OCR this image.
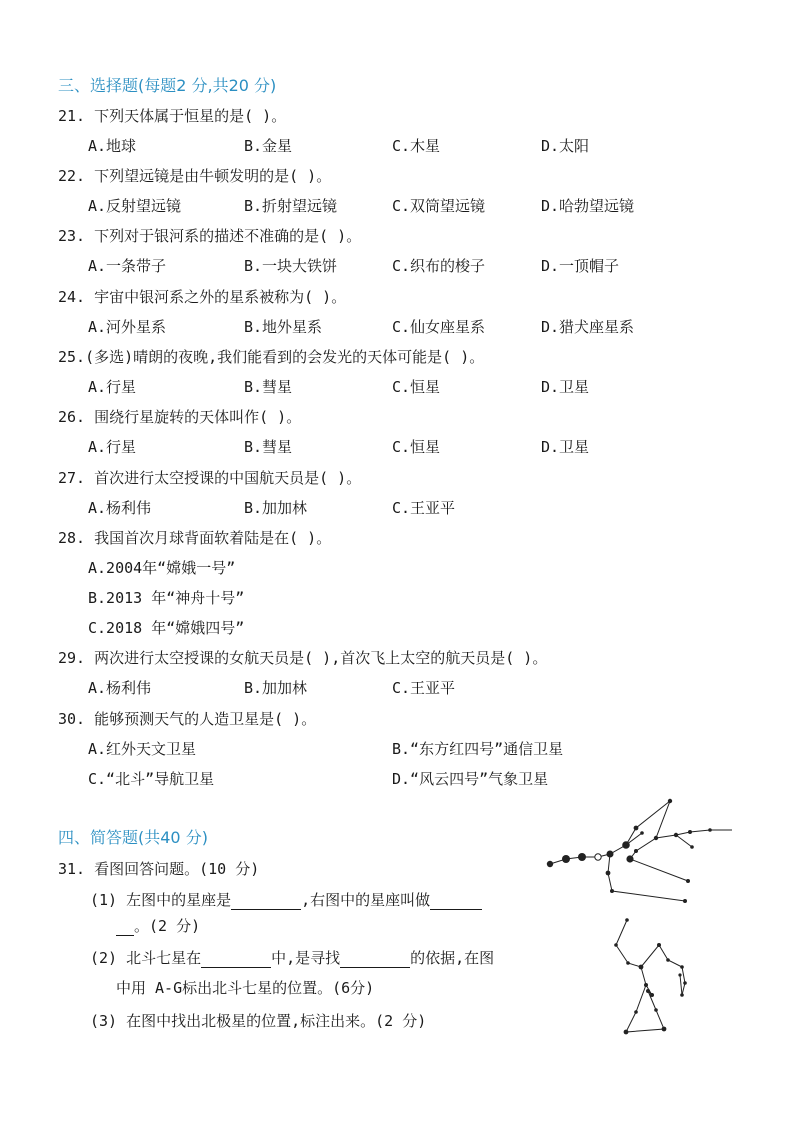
三、选择题(每题2 分,共20 分)
21. 下列天体属于恒星的是( )。
A.地球	B.金星	C.木星	D.太阳
22. 下列望远镜是由牛顿发明的是( )。
A.反射望远镜	B.折射望远镜	C.双筒望远镜	D.哈勃望远镜
23. 下列对于银河系的描述不准确的是( )。
A.一条带子	B.一块大铁饼	C.织布的梭子	D.一顶帽子
24. 宇宙中银河系之外的星系被称为( )。
A.河外星系	B.地外星系	C.仙女座星系	D.猎犬座星系
25.(多选)晴朗的夜晚,我们能看到的会发光的天体可能是( )。
A.行星	B.彗星	C.恒星	D.卫星
26. 围绕行星旋转的天体叫作( )。
A.行星	B.彗星	C.恒星	D.卫星
27. 首次进行太空授课的中国航天员是( )。
A.杨利伟	B.加加林	C.王亚平
28. 我国首次月球背面软着陆是在( )。
A.2004年“嫦娥一号”
B.2013 年“神舟十号”
C.2018 年“嫦娥四号”
29. 两次进行太空授课的女航天员是( ),首次飞上太空的航天员是( )。
A.杨利伟	B.加加林	C.王亚平
30. 能够预测天气的人造卫星是( )。
A.红外天文卫星	B.“东方红四号”通信卫星
C.“北斗”导航卫星	D.“风云四号”气象卫星
四、简答题(共40 分)
31. 看图回答问题。(10 分)
(1) 左图中的星座是	,右图中的星座叫做
。(2 分)
(2) 北斗七星在	中,是寻找	的依据,在图
中用 A-G标出北斗七星的位置。(6分)
(3) 在图中找出北极星的位置,标注出来。(2 分)
